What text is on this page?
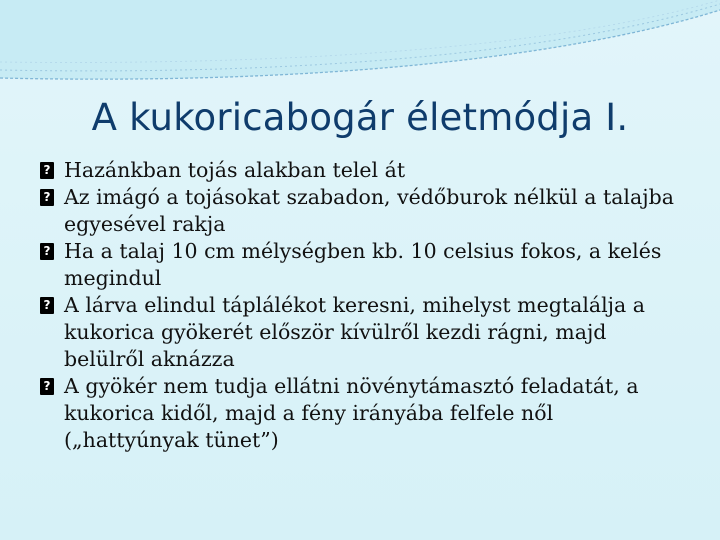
A kukoricabogár életmódja I.
?
Hazánkban tojás alakban telel át
?
Az imágó a tojásokat szabadon, védőburok nélkül a talajba egyesével rakja
?
Ha a talaj 10 cm mélységben kb. 10 celsius fokos, a kelés megindul
?
A lárva elindul táplálékot keresni, mihelyst megtalálja a kukorica gyökerét először kívülről kezdi rágni, majd belülről aknázza
?
A gyökér nem tudja ellátni növénytámasztó feladatát, a kukorica kidől, majd a fény irányába felfele nől („hattyúnyak tünet”)
